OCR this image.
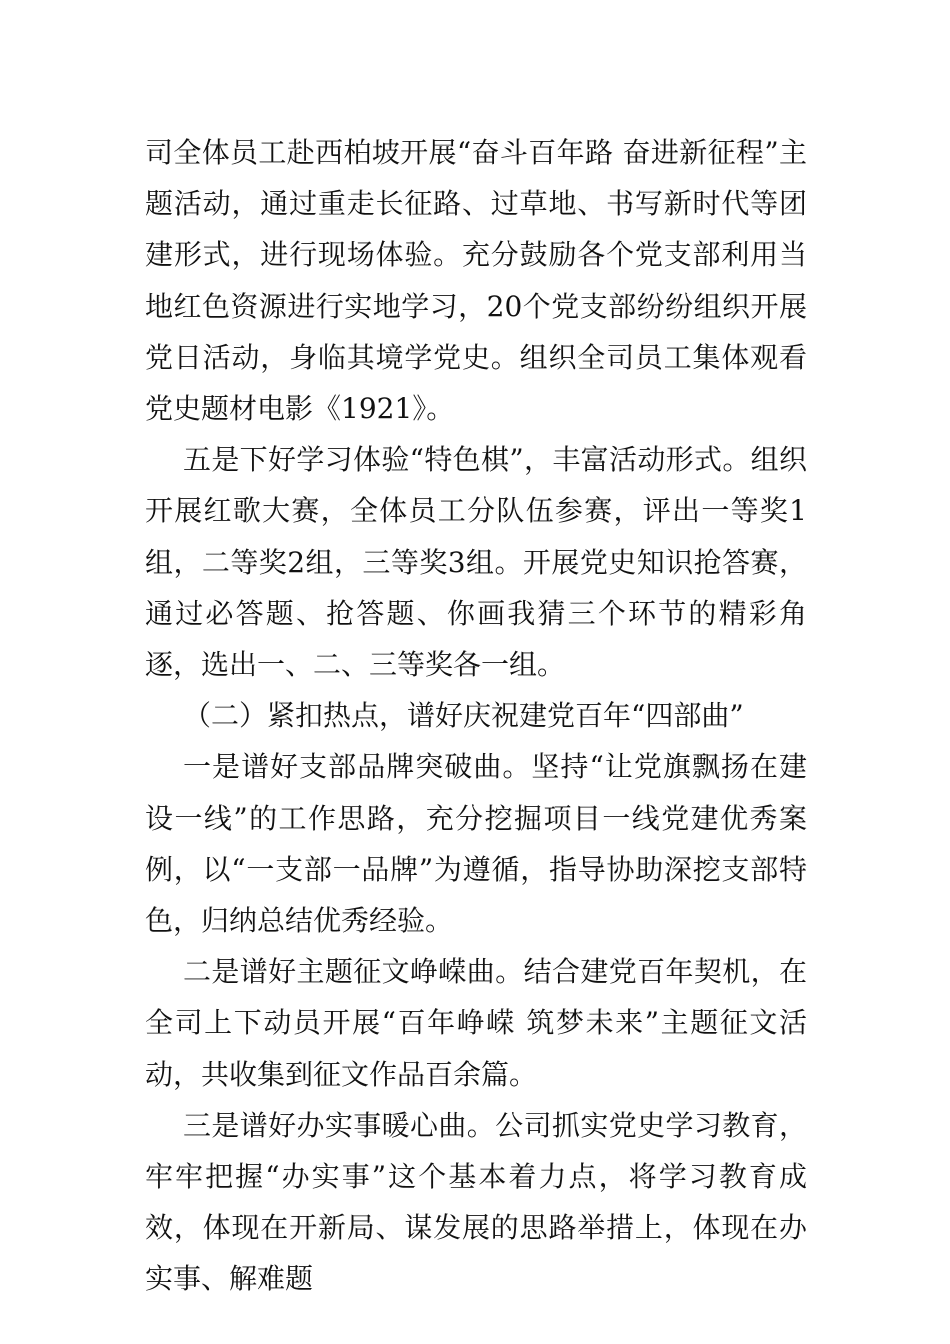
司全体员工赴西柏坡开展“奋斗百年路 奋进新征程”主题活动，通过重走长征路、过草地、书写新时代等团建形式，进行现场体验。充分鼓励各个党支部利用当地红色资源进行实地学习，20个党支部纷纷组织开展党日活动，身临其境学党史。组织全司员工集体观看党史题材电影《1921》。

五是下好学习体验“特色棋”，丰富活动形式。组织开展红歌大赛，全体员工分队伍参赛，评出一等奖1组，二等奖2组，三等奖3组。开展党史知识抢答赛，通过必答题、抢答题、你画我猜三个环节的精彩角逐，选出一、二、三等奖各一组。

（二）紧扣热点，谱好庆祝建党百年“四部曲”

一是谱好支部品牌突破曲。坚持“让党旗飘扬在建设一线”的工作思路，充分挖掘项目一线党建优秀案例，以“一支部一品牌”为遵循，指导协助深挖支部特色，归纳总结优秀经验。

二是谱好主题征文峥嵘曲。结合建党百年契机，在全司上下动员开展“百年峥嵘 筑梦未来”主题征文活动，共收集到征文作品百余篇。

三是谱好办实事暖心曲。公司抓实党史学习教育，牢牢把握“办实事”这个基本着力点，将学习教育成效，体现在开新局、谋发展的思路举措上，体现在办实事、解难题
